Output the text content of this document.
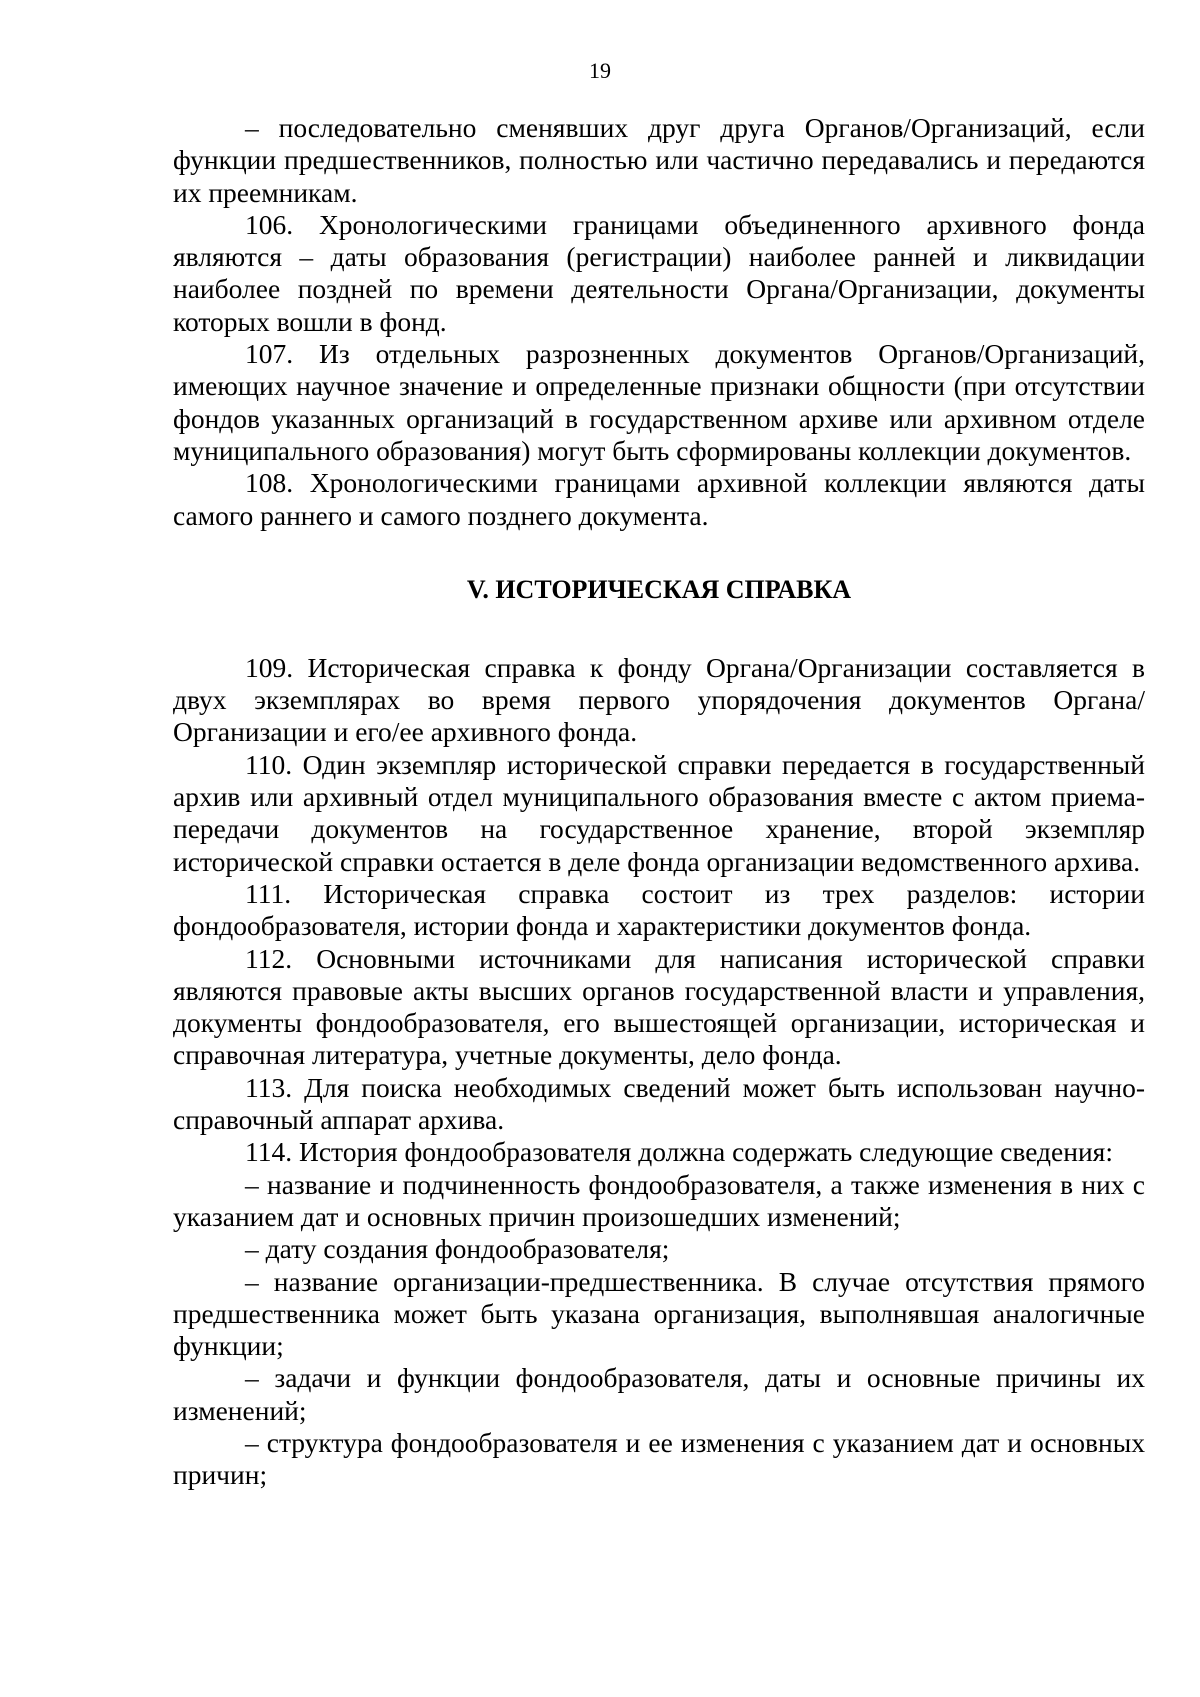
19

– последовательно сменявших друг друга Органов/Организаций, если функции предшественников, полностью или частично передавались и передаются их преемникам.

106. Хронологическими границами объединенного архивного фонда являются – даты образования (регистрации) наиболее ранней и ликвидации наиболее поздней по времени деятельности Органа/Организации, документы которых вошли в фонд.

107. Из отдельных разрозненных документов Органов/Организаций, имеющих научное значение и определенные признаки общности (при отсутствии фондов указанных организаций в государственном архиве или архивном отделе муниципального образования) могут быть сформированы коллекции документов.

108. Хронологическими границами архивной коллекции являются даты самого раннего и самого позднего документа.

V. ИСТОРИЧЕСКАЯ СПРАВКА

109. Историческая справка к фонду Органа/Организации составляется в двух экземплярах во время первого упорядочения документов Органа/Организации и его/ее архивного фонда.

110. Один экземпляр исторической справки передается в государственный архив или архивный отдел муниципального образования вместе с актом приема-передачи документов на государственное хранение, второй экземпляр исторической справки остается в деле фонда организации ведомственного архива.

111. Историческая справка состоит из трех разделов: истории фондообразователя, истории фонда и характеристики документов фонда.

112. Основными источниками для написания исторической справки являются правовые акты высших органов государственной власти и управления, документы фондообразователя, его вышестоящей организации, историческая и справочная литература, учетные документы, дело фонда.

113. Для поиска необходимых сведений может быть использован научно-справочный аппарат архива.

114. История фондообразователя должна содержать следующие сведения:

– название и подчиненность фондообразователя, а также изменения в них с указанием дат и основных причин произошедших изменений;

– дату создания фондообразователя;

– название организации-предшественника. В случае отсутствия прямого предшественника может быть указана организация, выполнявшая аналогичные функции;

– задачи и функции фондообразователя, даты и основные причины их изменений;

– структура фондообразователя и ее изменения с указанием дат и основных причин;
